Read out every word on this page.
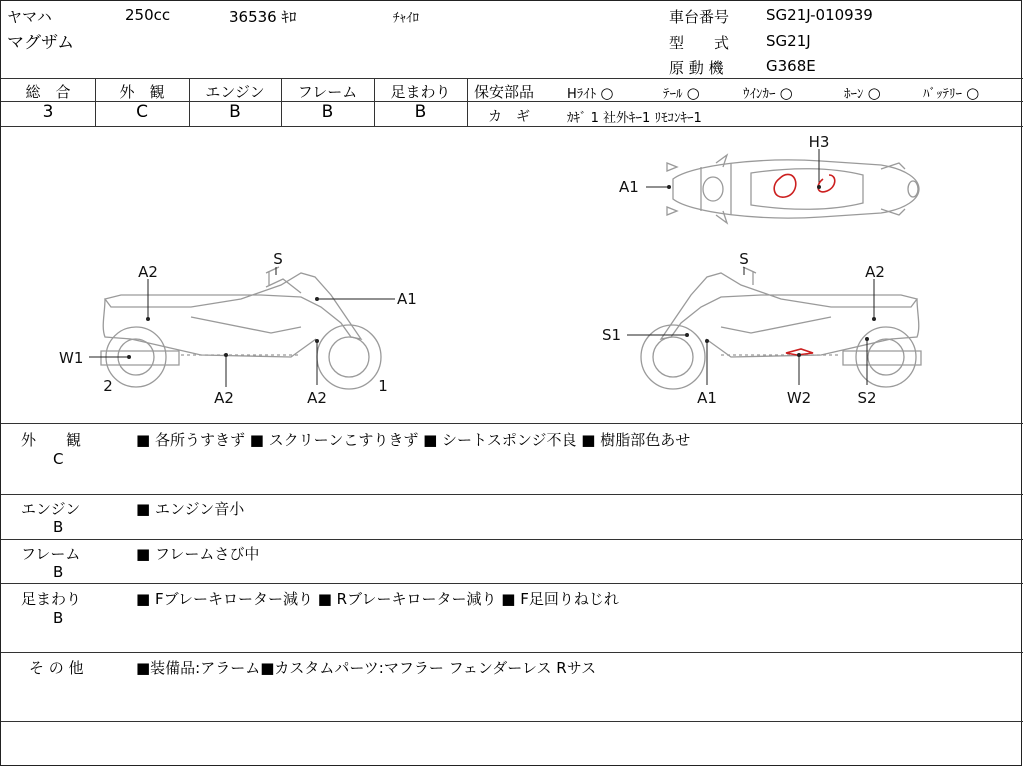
ヤマハ	250cc	36536 ｷﾛ	ﾁｬｲﾛ
マグザム
車台番号 SG21J-010939
型　　式 SG21J
原 動 機	G368E
総　合
3
外　観
C
エンジン
B
フレーム
B
足まわり
B
保安部品	Hﾗｲﾄ ○	ﾃｰﾙ ○	ｳｲﾝｶｰ ○	ﾎｰﾝ ○	ﾊﾞｯﾃﾘｰ ○
カ　ギ	ｶｷﾞ 1 社外ｷｰ1 ﾘﾓｺﾝｷｰ1
H3
A1
S
A2
A1
W1
2	1
A2	A2
S
A2
S1
A1	W2	S2
外　　観
C
■ 各所うすきず ■ スクリーンこすりきず ■ シートスポンジ不良 ■ 樹脂部色あせ
エンジン
B
■ エンジン音小
フレーム
B
■ フレームさび中
足まわり
B
■ Fブレーキローター減り ■ Rブレーキローター減り ■ F足回りねじれ
そ の 他	■装備品:アラーム■カスタムパーツ:マフラー フェンダーレス Rサス
